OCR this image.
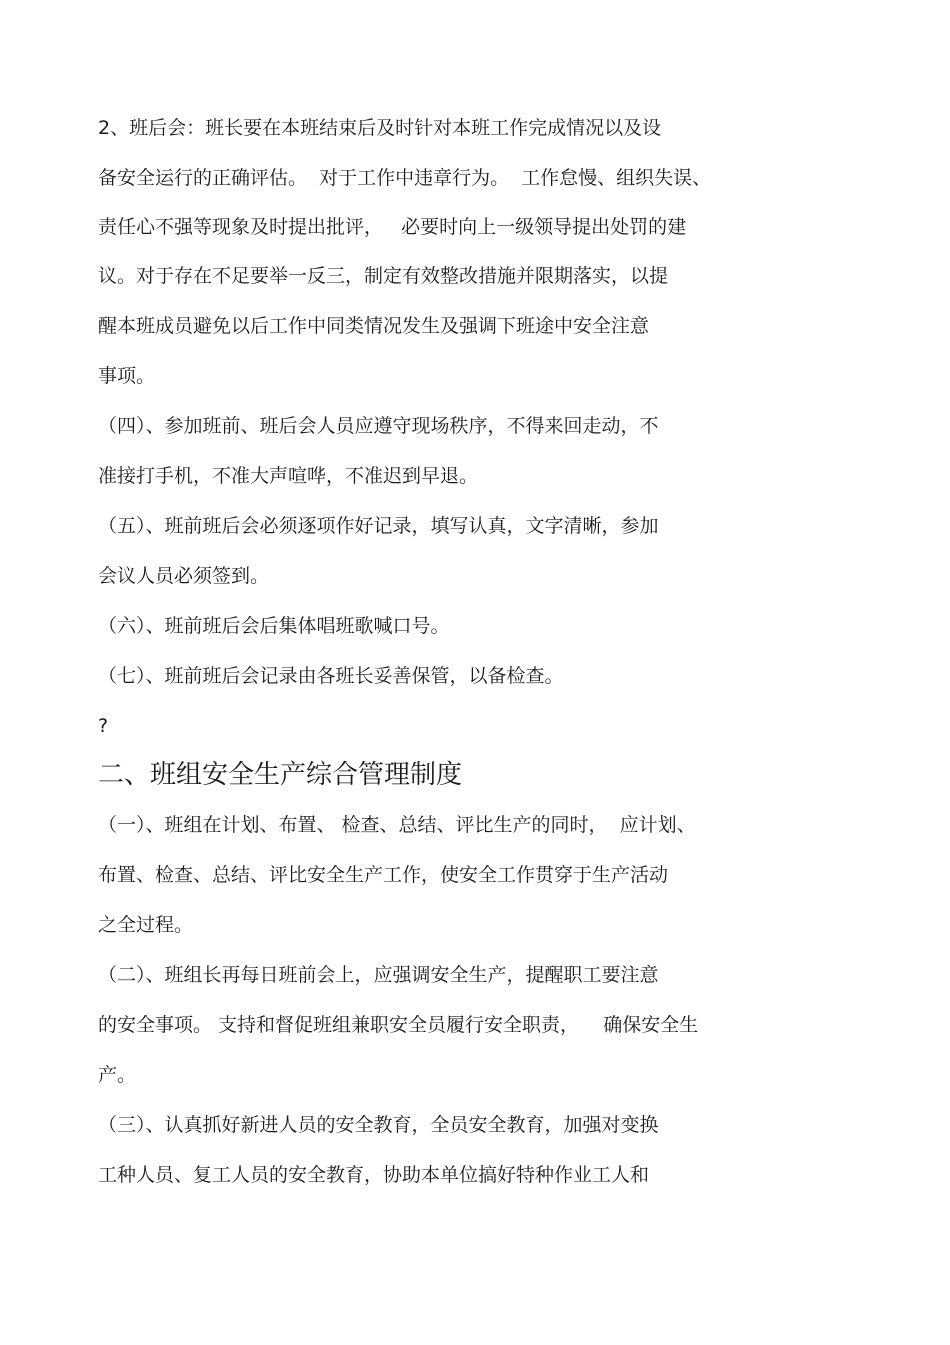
2、班后会：班长要在本班结束后及时针对本班工作完成情况以及设
备安全运行的正确评估。  对于工作中违章行为。  工作怠慢、组织失误、
责任心不强等现象及时提出批评，   必要时向上一级领导提出处罚的建
议。对于存在不足要举一反三，制定有效整改措施并限期落实，以提
醒本班成员避免以后工作中同类情况发生及强调下班途中安全注意
事项。
（四）、参加班前、班后会人员应遵守现场秩序，不得来回走动，不
准接打手机，不准大声喧哗，不准迟到早退。
（五）、班前班后会必须逐项作好记录，填写认真，文字清晰，参加
会议人员必须签到。
（六）、班前班后会后集体唱班歌喊口号。
（七）、班前班后会记录由各班长妥善保管，以备检查。
?
二、班组安全生产综合管理制度
（一）、班组在计划、布置、 检查、总结、评比生产的同时，  应计划、
布置、检查、总结、评比安全生产工作，使安全工作贯穿于生产活动
之全过程。
（二）、班组长再每日班前会上，应强调安全生产，提醒职工要注意
的安全事项。 支持和督促班组兼职安全员履行安全职责，    确保安全生
产。
（三）、认真抓好新进人员的安全教育，全员安全教育，加强对变换
工种人员、复工人员的安全教育，协助本单位搞好特种作业工人和
